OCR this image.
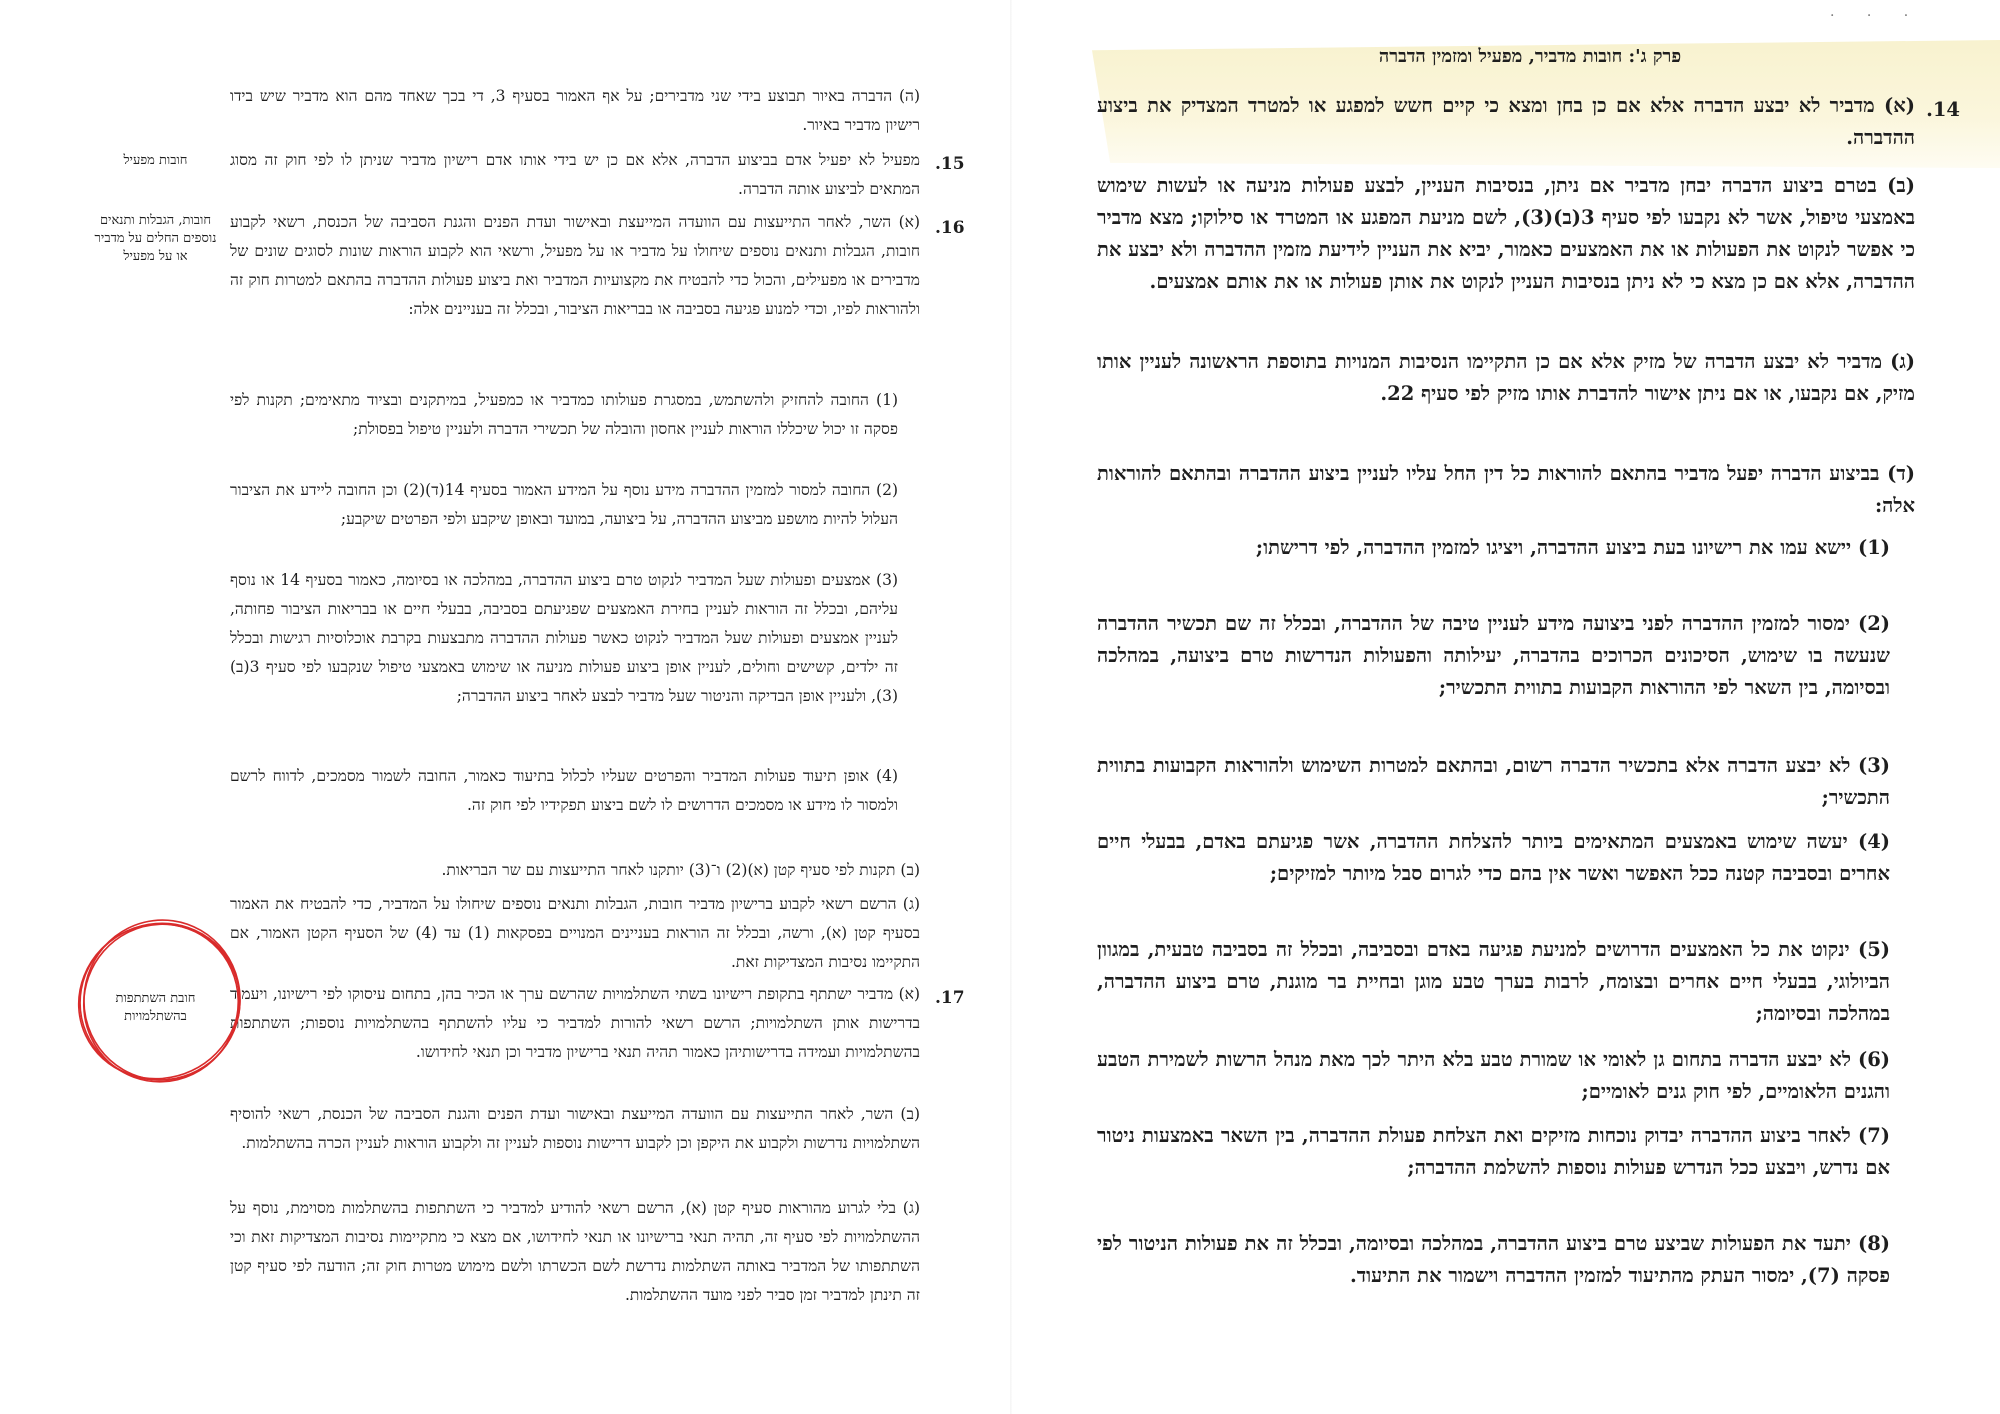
· · ·
פרק ג': חובות מדביר, מפעיל ומזמין הדברה
14.

(א) מדביר לא יבצע הדברה אלא אם כן בחן ומצא כי קיים חשש למפגע או למטרד המצדיק את ביצוע ההדברה.

(ב) בטרם ביצוע הדברה יבחן מדביר אם ניתן, בנסיבות העניין, לבצע פעולות מניעה או לעשות שימוש באמצעי טיפול, אשר לא נקבעו לפי סעיף 3(ב)(3), לשם מניעת המפגע או המטרד או סילוקו; מצא מדביר כי אפשר לנקוט את הפעולות או את האמצעים כאמור, יביא את העניין לידיעת מזמין ההדברה ולא יבצע את ההדברה, אלא אם כן מצא כי לא ניתן בנסיבות העניין לנקוט את אותן פעולות או את אותם אמצעים.

(ג) מדביר לא יבצע הדברה של מזיק אלא אם כן התקיימו הנסיבות המנויות בתוספת הראשונה לעניין אותו מזיק, אם נקבעו, או אם ניתן אישור להדברת אותו מזיק לפי סעיף 22.

(ד) בביצוע הדברה יפעל מדביר בהתאם להוראות כל דין החל עליו לעניין ביצוע ההדברה ובהתאם להוראות אלה:

(1) יישא עמו את רישיונו בעת ביצוע ההדברה, ויציגו למזמין ההדברה, לפי דרישתו;

(2) ימסור למזמין ההדברה לפני ביצועה מידע לעניין טיבה של ההדברה, ובכלל זה שם תכשיר ההדברה שנעשה בו שימוש, הסיכונים הכרוכים בהדברה, יעילותה והפעולות הנדרשות טרם ביצועה, במהלכה ובסיומה, בין השאר לפי ההוראות הקבועות בתווית התכשיר;

(3) לא יבצע הדברה אלא בתכשיר הדברה רשום, ובהתאם למטרות השימוש ולהוראות הקבועות בתווית התכשיר;

(4) יעשה שימוש באמצעים המתאימים ביותר להצלחת ההדברה, אשר פגיעתם באדם, בבעלי חיים אחרים ובסביבה קטנה ככל האפשר ואשר אין בהם כדי לגרום סבל מיותר למזיקים;

(5) ינקוט את כל האמצעים הדרושים למניעת פגיעה באדם ובסביבה, ובכלל זה בסביבה טבעית, במגוון הביולוגי, בבעלי חיים אחרים ובצומח, לרבות בערך טבע מוגן ובחיית בר מוגנת, טרם ביצוע ההדברה, במהלכה ובסיומה;

(6) לא יבצע הדברה בתחום גן לאומי או שמורת טבע בלא היתר לכך מאת מנהל הרשות לשמירת הטבע והגנים הלאומיים, לפי חוק גנים לאומיים;

(7) לאחר ביצוע ההדברה יבדוק נוכחות מזיקים ואת הצלחת פעולת ההדברה, בין השאר באמצעות ניטור אם נדרש, ויבצע ככל הנדרש פעולות נוספות להשלמת ההדברה;

(8) יתעד את הפעולות שביצע טרם ביצוע ההדברה, במהלכה ובסיומה, ובכלל זה את פעולות הניטור לפי פסקה (7), ימסור העתק מהתיעוד למזמין ההדברה וישמור את התיעוד.

(ה) הדברה באיור תבוצע בידי שני מדבירים; על אף האמור בסעיף 3, די בכך שאחד מהם הוא מדביר שיש בידו רישיון מדביר באיור.

15.
חובות מפעיל	מפעיל לא יפעיל אדם בביצוע הדברה, אלא אם כן יש בידי אותו אדם רישיון מדביר שניתן לו לפי חוק זה מסוג המתאים לביצוע אותה הדברה.

16.
חובות, הגבלות ותנאים נוספים החלים על מדביר או על מפעיל

(א) השר, לאחר התייעצות עם הוועדה המייעצת ובאישור ועדת הפנים והגנת הסביבה של הכנסת, רשאי לקבוע חובות, הגבלות ותנאים נוספים שיחולו על מדביר או על מפעיל, ורשאי הוא לקבוע הוראות שונות לסוגים שונים של מדבירים או מפעילים, והכול כדי להבטיח את מקצועיות המדביר ואת ביצוע פעולות ההדברה בהתאם למטרות חוק זה ולהוראות לפיו, וכדי למנוע פגיעה בסביבה או בבריאות הציבור, ובכלל זה בעניינים אלה:

(1) החובה להחזיק ולהשתמש, במסגרת פעולותו כמדביר או כמפעיל, במיתקנים ובציוד מתאימים; תקנות לפי פסקה זו יכול שיכללו הוראות לעניין אחסון והובלה של תכשירי הדברה ולעניין טיפול בפסולת;

(2) החובה למסור למזמין ההדברה מידע נוסף על המידע האמור בסעיף 14(ד)(2) וכן החובה ליידע את הציבור העלול להיות מושפע מביצוע ההדברה, על ביצועה, במועד ובאופן שיקבע ולפי הפרטים שיקבע;

(3) אמצעים ופעולות שעל המדביר לנקוט טרם ביצוע ההדברה, במהלכה או בסיומה, כאמור בסעיף 14 או נוסף עליהם, ובכלל זה הוראות לעניין בחירת האמצעים שפגיעתם בסביבה, בבעלי חיים או בבריאות הציבור פחותה, לעניין אמצעים ופעולות שעל המדביר לנקוט כאשר פעולות ההדברה מתבצעות בקרבת אוכלוסיות רגישות ובכלל זה ילדים, קשישים וחולים, לעניין אופן ביצוע פעולות מניעה או שימוש באמצעי טיפול שנקבעו לפי סעיף 3(ב)(3), ולעניין אופן הבדיקה והניטור שעל מדביר לבצע לאחר ביצוע ההדברה;

(4) אופן תיעוד פעולות המדביר והפרטים שעליו לכלול בתיעוד כאמור, החובה לשמור מסמכים, לדווח לרשם ולמסור לו מידע או מסמכים הדרושים לו לשם ביצוע תפקידיו לפי חוק זה.

(ב) תקנות לפי סעיף קטן (א)(2) ו־(3) יותקנו לאחר התייעצות עם שר הבריאות.

(ג) הרשם רשאי לקבוע ברישיון מדביר חובות, הגבלות ותנאים נוספים שיחולו על המדביר, כדי להבטיח את האמור בסעיף קטן (א), ורשה, ובכלל זה הוראות בעניינים המנויים בפסקאות (1) עד (4) של הסעיף הקטן האמור, אם התקיימו נסיבות המצדיקות זאת.

17.
חובת השתתפות בהשתלמויות

(א) מדביר ישתתף בתקופת רישיונו בשתי השתלמויות שהרשם ערך או הכיר בהן, בתחום עיסוקו לפי רישיונו, ויעמוד בדרישות אותן השתלמויות; הרשם רשאי להורות למדביר כי עליו להשתתף בהשתלמויות נוספות; השתתפות בהשתלמויות ועמידה בדרישותיהן כאמור תהיה תנאי ברישיון מדביר וכן תנאי לחידושו.

(ב) השר, לאחר התייעצות עם הוועדה המייעצת ובאישור ועדת הפנים והגנת הסביבה של הכנסת, רשאי להוסיף השתלמויות נדרשות ולקבוע את היקפן וכן לקבוע דרישות נוספות לעניין זה ולקבוע הוראות לעניין הכרה בהשתלמות.

(ג) בלי לגרוע מהוראות סעיף קטן (א), הרשם רשאי להודיע למדביר כי השתתפות בהשתלמות מסוימת, נוסף על ההשתלמויות לפי סעיף זה, תהיה תנאי ברישיונו או תנאי לחידושו, אם מצא כי מתקיימות נסיבות המצדיקות זאת וכי השתתפותו של המדביר באותה השתלמות נדרשת לשם הכשרתו ולשם מימוש מטרות חוק זה; הודעה לפי סעיף קטן זה תינתן למדביר זמן סביר לפני מועד ההשתלמות.
